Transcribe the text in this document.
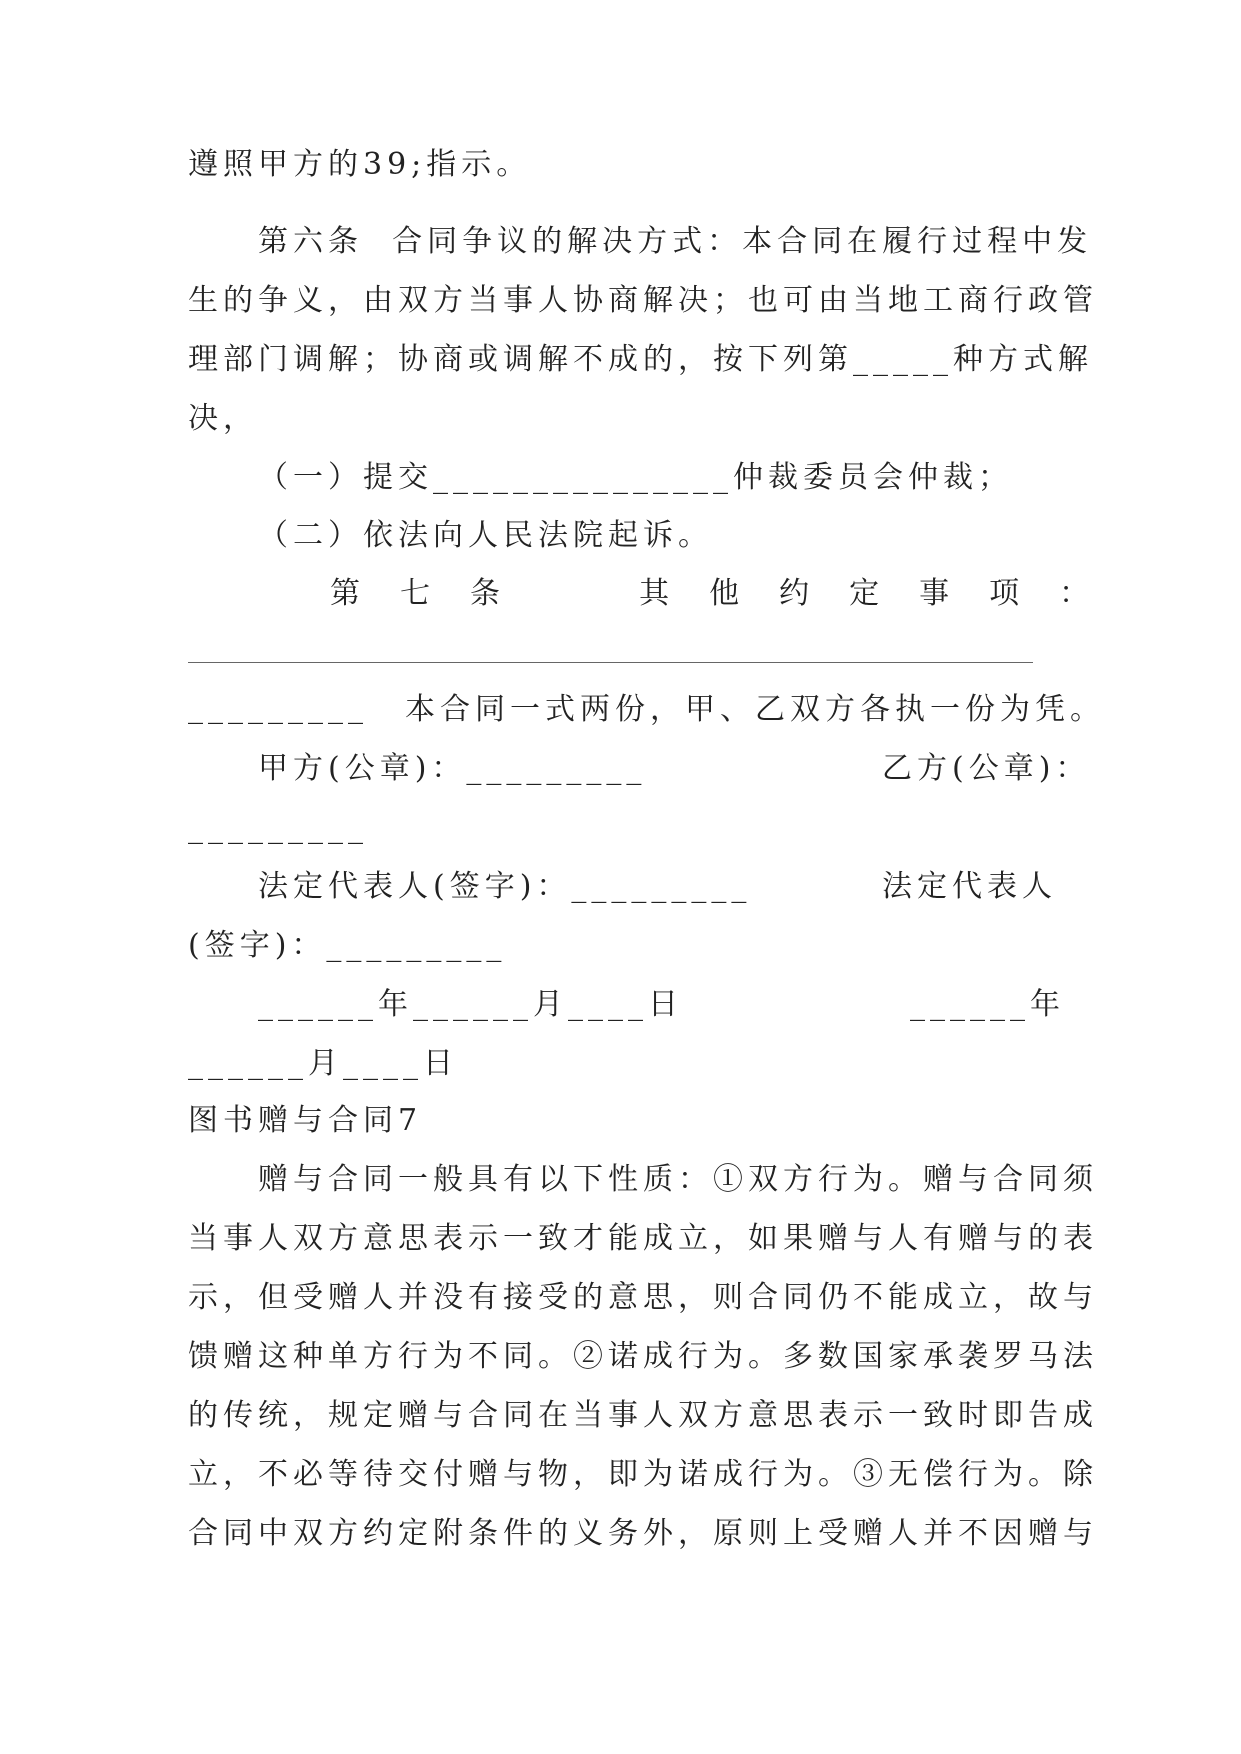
遵照甲方的39;指示。
第六条  合同争议的解决方式：本合同在履行过程中发
生的争义，由双方当事人协商解决；也可由当地工商行政管
理部门调解；协商或调解不成的，按下列第_____种方式解
决，
（一）提交_______________仲裁委员会仲裁；
（二）依法向人民法院起诉。
第七条  其他约定事项：
_________ 本合同一式两份，甲、乙双方各执一份为凭。
甲方(公章)：_________	乙方(公章)：
_________
法定代表人(签字)：_________	法定代表人
(签字)：_________
______年______月____日	______年
______月____日
图书赠与合同7
赠与合同一般具有以下性质：①双方行为。赠与合同须
当事人双方意思表示一致才能成立，如果赠与人有赠与的表
示，但受赠人并没有接受的意思，则合同仍不能成立，故与
馈赠这种单方行为不同。②诺成行为。多数国家承袭罗马法
的传统，规定赠与合同在当事人双方意思表示一致时即告成
立，不必等待交付赠与物，即为诺成行为。③无偿行为。除
合同中双方约定附条件的义务外，原则上受赠人并不因赠与
